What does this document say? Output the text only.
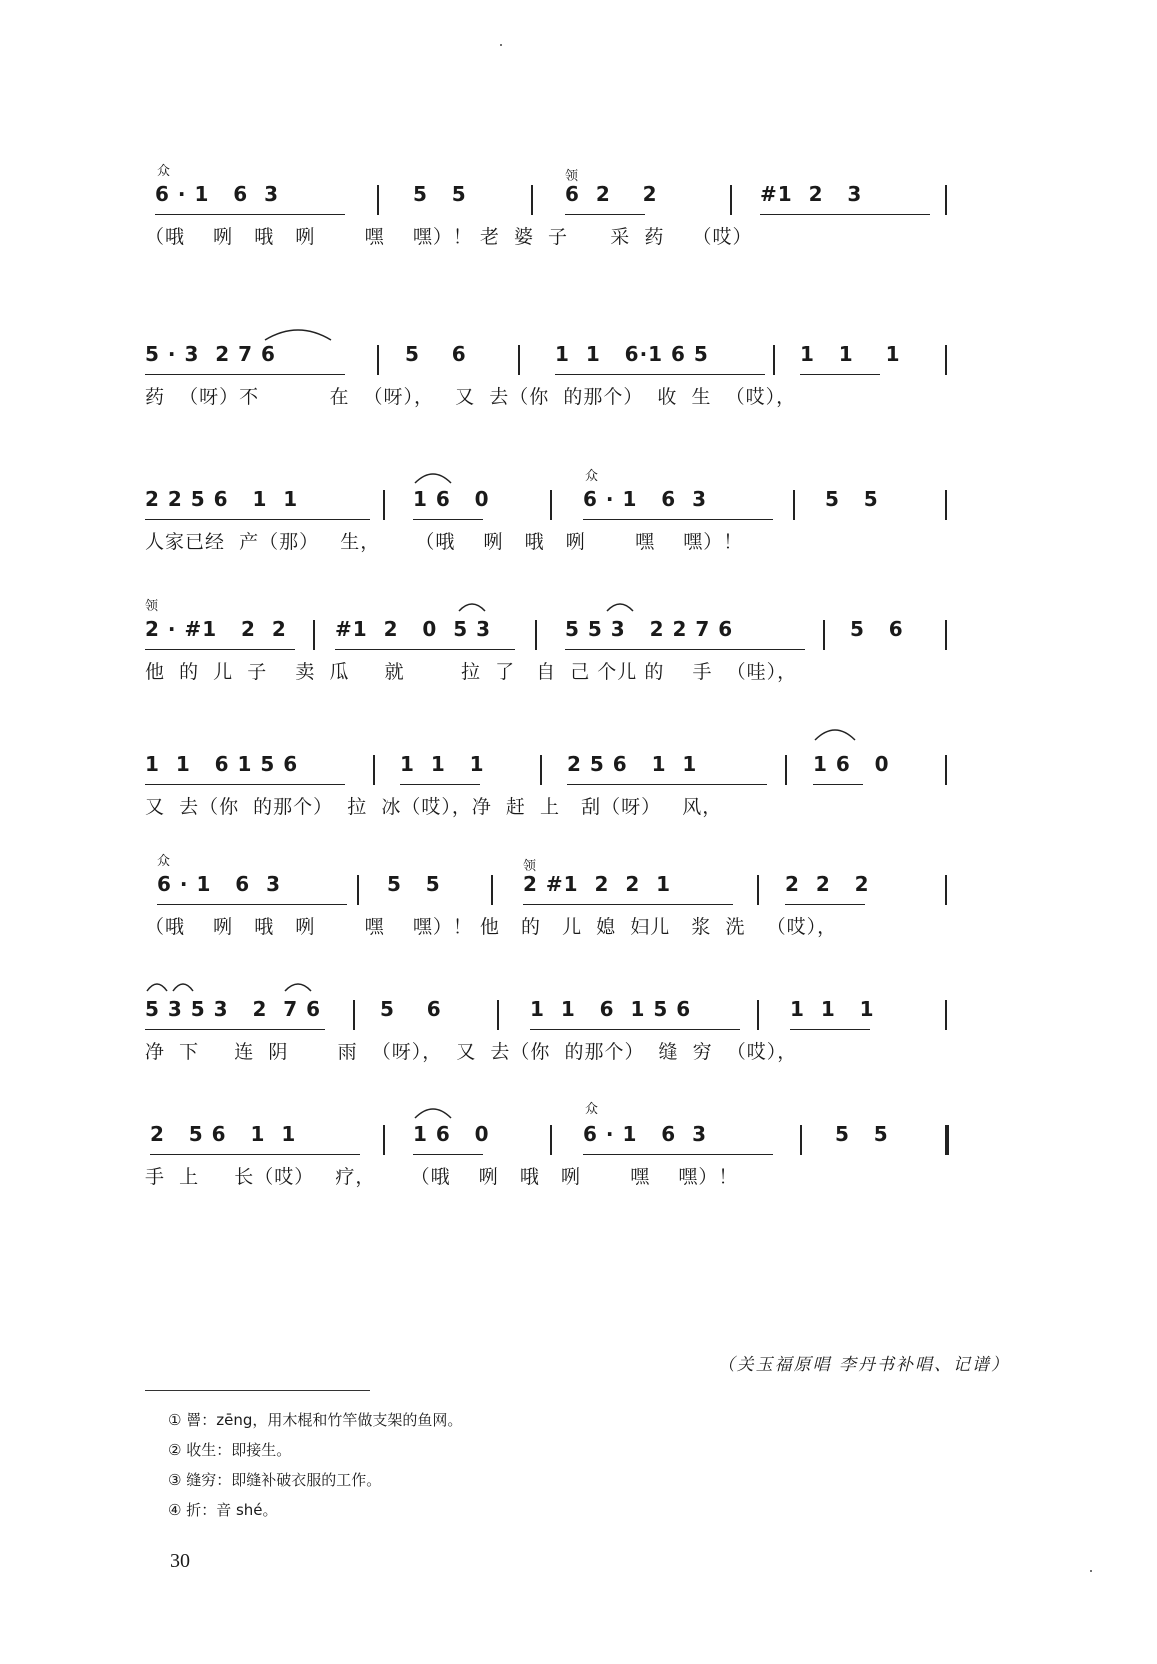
众	领
6 · 1   6  3	5   5	6  2    2	#1  2   3
（哦    咧   哦   咧       嘿    嘿）！ 老  婆  子      采  药    （哎）
5 · 3  2 7 6	5    6	1  1   6·1 6 5	1   1    1
药  （呀）不          在  （呀），   又  去（你  的那个）  收  生  （哎），
众
2 2 5 6   1  1	1 6   0	6 · 1   6  3	5   5
人家已经  产（那）   生，     （哦    咧   哦   咧       嘿    嘿）！
领
2 · #1   2  2	#1  2   0  5 3	5 5 3   2 2 7 6	5   6
他  的  儿  子    卖  瓜     就        拉  了   自  己 个儿 的    手  （哇），
1  1   6 1 5 6	1  1   1	2 5 6   1  1	1 6   0
又  去（你  的那个）  拉  冰（哎），净  赶  上   刮（呀）   风，
众	领
6 · 1   6  3	5   5	2 #1  2  2  1	2  2   2
（哦    咧   哦   咧       嘿    嘿）！ 他   的   儿  媳  妇儿   浆  洗   （哎），
5 3 5 3   2  7 6	5    6	1  1   6  1 5 6	1  1   1
净  下     连  阴       雨  （呀），  又  去（你  的那个）  缝  穷  （哎），
众
2   5 6   1  1	1 6   0	6 · 1   6  3	5   5
手  上     长（哎）   疗，     （哦    咧   哦   咧       嘿    嘿）！
（关玉福原唱 李丹书补唱、记谱）
① 罾：zēng，用木棍和竹竿做支架的鱼网。
② 收生：即接生。
③ 缝穷：即缝补破衣服的工作。
④ 折：音 shé。
30
